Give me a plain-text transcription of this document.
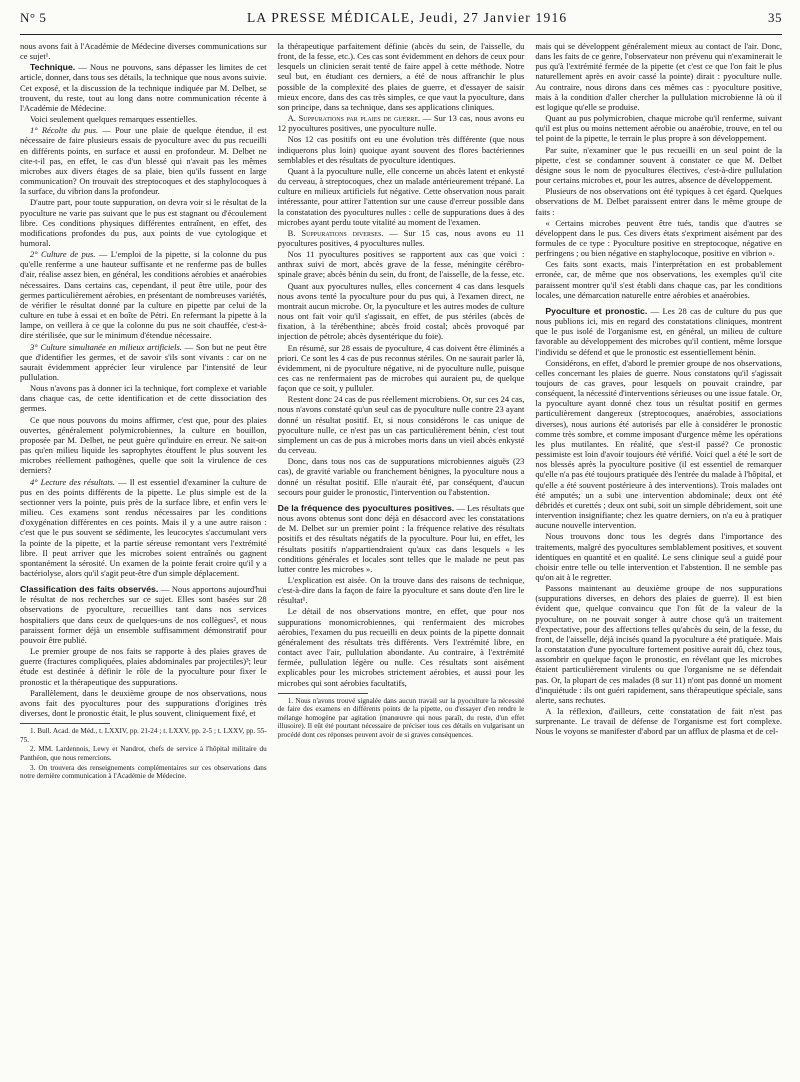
N° 5	LA PRESSE MÉDICALE, Jeudi, 27 Janvier 1916	35

nous avons fait à l'Académie de Médecine diverses communications sur ce sujet¹.

Technique. — Nous ne pouvons, sans dépasser les limites de cet article, donner, dans tous ses détails, la technique que nous avons suivie. Cet exposé, et la discussion de la technique indiquée par M. Delbet, se trouvent, du reste, tout au long dans notre communication récente à l'Académie de Médecine.

Voici seulement quelques remarques essentielles.

1° Récolte du pus. — Pour une plaie de quelque étendue, il est nécessaire de faire plusieurs essais de pyoculture avec du pus recueilli en différents points, en surface et aussi en profondeur. M. Delbet ne cite-t-il pas, en effet, le cas d'un blessé qui n'avait pas les mêmes microbes aux divers étages de sa plaie, bien qu'ils fussent en large communication? On trouvait des streptocoques et des staphylocoques à la surface, du vibrion dans la profondeur.

D'autre part, pour toute suppuration, on devra voir si le résultat de la pyoculture ne varie pas suivant que le pus est stagnant ou d'écoulement libre. Ces conditions physiques différentes entraînent, en effet, des modifications profondes du pus, aux points de vue cytologique et humoral.

2° Culture de pus. — L'emploi de la pipette, si la colonne du pus qu'elle renferme a une hauteur suffisante et ne renferme pas de bulles d'air, réalise assez bien, en général, les conditions aérobies et anaérobies nécessaires. Dans certains cas, cependant, il peut être utile, pour des germes particulièrement aérobies, en présentant de nombreuses variétés, de vérifier le résultat donné par la culture en pipette par celui de la culture en tube à essai et en boîte de Pétri. En refermant la pipette à la lampe, on veillera à ce que la colonne du pus ne soit chauffée, c'est-à-dire stérilisée, que sur le minimum d'étendue nécessaire.

3° Culture simultanée en milieux artificiels. — Son but ne peut être que d'identifier les germes, et de savoir s'ils sont vivants : car on ne saurait évidemment apprécier leur virulence par l'intensité de leur pullulation.

Nous n'avons pas à donner ici la technique, fort complexe et variable dans chaque cas, de cette identification et de cette dissociation des germes.

Ce que nous pouvons du moins affirmer, c'est que, pour des plaies ouvertes, généralement polymicrobiennes, la culture en bouillon, proposée par M. Delbet, ne peut guère qu'induire en erreur. Ne sait-on pas qu'en milieu liquide les saprophytes étouffent le plus souvent les microbes réellement pathogènes, quelle que soit la virulence de ces derniers?

4° Lecture des résultats. — Il est essentiel d'examiner la culture de pus en des points différents de la pipette. Le plus simple est de la sectionner vers la pointe, puis près de la surface libre, et enfin vers le milieu. Ces examens sont rendus nécessaires par les conditions d'oxygénation différentes en ces points. Mais il y a une autre raison : c'est que le pus souvent se sédimente, les leucocytes s'accumulant vers la pointe de la pipette, et la partie séreuse remontant vers l'extrémité libre. Il peut arriver que les microbes soient entraînés ou gagnent spontanément la sérosité. Un examen de la pointe ferait croire qu'il y a bactériolyse, alors qu'il s'agit peut-être d'un simple déplacement.

Classification des faits observés. — Nous apportons aujourd'hui le résultat de nos recherches sur ce sujet. Elles sont basées sur 28 observations de pyoculture, recueillies tant dans nos services hospitaliers que dans ceux de quelques-uns de nos collègues², et nous paraissent former déjà un ensemble suffisamment démonstratif pour pouvoir être publié.

Le premier groupe de nos faits se rapporte à des plaies graves de guerre (fractures compliquées, plaies abdominales par projectiles)³; leur étude est destinée à définir le rôle de la pyoculture pour fixer le pronostic et la thérapeutique des suppurations.

Parallèlement, dans le deuxième groupe de nos observations, nous avons fait des pyocultures pour des suppurations d'origines très diverses, dont le pronostic était, le plus souvent, cliniquement fixé, et

1. Bull. Acad. de Méd., t. LXXIV, pp. 21-24 ; t. LXXV, pp. 2-5 ; t. LXXV, pp. 55-75.

2. MM. Lardennois, Lewy et Nandrot, chefs de service à l'hôpital militaire du Panthéon, que nous remercions.

3. On trouvera des renseignements complémentaires sur ces observations dans notre dernière communication à l'Académie de Médecine.

la thérapeutique parfaitement définie (abcès du sein, de l'aisselle, du front, de la fesse, etc.). Ces cas sont évidemment en dehors de ceux pour lesquels un clinicien serait tenté de faire appel à cette méthode. Notre seul but, en étudiant ces derniers, a été de nous affranchir le plus possible de la complexité des plaies de guerre, et d'essayer de saisir mieux encore, dans des cas très simples, ce que vaut la pyoculture, dans son principe, dans sa technique, dans ses applications cliniques.

A. Suppurations par plaies de guerre. — Sur 13 cas, nous avons eu 12 pyocultures positives, une pyoculture nulle.

Nos 12 cas positifs ont eu une évolution très différente (que nous indiquerons plus loin) quoique ayant souvent des flores bactériennes semblables et des résultats de pyoculture identiques.

Quant à la pyoculture nulle, elle concerne un abcès latent et enkysté du cerveau, à streptocoques, chez un malade antérieurement trépané. La culture en milieux artificiels fut négative. Cette observation nous parait intéressante, pour attirer l'attention sur une cause d'erreur possible dans la constatation des pyocultures nulles : celle de suppurations dues à des microbes ayant perdu toute vitalité au moment de l'examen.

B. Suppurations diverses. — Sur 15 cas, nous avons eu 11 pyocultures positives, 4 pyocultures nulles.

Nos 11 pyocultures positives se rapportent aux cas que voici : anthrax suivi de mort, abcès grave de la fesse, méningite cérébro-spinale grave; abcès bénin du sein, du front, de l'aisselle, de la fesse, etc.

Quant aux pyocultures nulles, elles concernent 4 cas dans lesquels nous avons tenté la pyoculture pour du pus qui, à l'examen direct, ne montrait aucun microbe. Or, la pyoculture et les autres modes de culture nous ont fait voir qu'il s'agissait, en effet, de pus stériles (abcès de fixation, à la térébenthine; abcès froid costal; abcès provoqué par injection de pétrole; abcès dysentérique du foie).

En résumé, sur 28 essais de pyoculture, 4 cas doivent être éliminés a priori. Ce sont les 4 cas de pus reconnus stériles. On ne saurait parler là, évidemment, ni de pyoculture négative, ni de pyoculture nulle, puisque ces cas ne renfermaient pas de microbes qui auraient pu, de quelque façon que ce soit, y pulluler.

Restent donc 24 cas de pus réellement microbiens. Or, sur ces 24 cas, nous n'avons constaté qu'un seul cas de pyoculture nulle contre 23 ayant donné un résultat positif. Et, si nous considérons le cas unique de pyoculture nulle, ce n'est pas un cas particulièrement bénin, c'est tout simplement un cas de pus à microbes morts dans un vieil abcès enkysté du cerveau.

Donc, dans tous nos cas de suppurations microbiennes aiguës (23 cas), de gravité variable ou franchement bénignes, la pyoculture nous a donné un résultat positif. Elle n'aurait été, par conséquent, d'aucun secours pour guider le pronostic, l'intervention ou l'abstention.

De la fréquence des pyocultures positives. — Les résultats que nous avons obtenus sont donc déjà en désaccord avec les constatations de M. Delbet sur un premier point : la fréquence relative des résultats positifs et des résultats négatifs de la pyoculture. Pour lui, en effet, les résultats positifs n'appartiendraient qu'aux cas dans lesquels « les conditions générales et locales sont telles que le malade ne peut pas lutter contre les microbes ».

L'explication est aisée. On la trouve dans des raisons de technique, c'est-à-dire dans la façon de faire la pyoculture et sans doute d'en lire le résultat¹.

Le détail de nos observations montre, en effet, que pour nos suppurations monomicrobiennes, qui renfermaient des microbes aérobies, l'examen du pus recueilli en deux points de la pipette donnait généralement des résultats très différents. Vers l'extrémité libre, en contact avec l'air, pullulation abondante. Au contraire, à l'extrémité fermée, pullulation légère ou nulle. Ces résultats sont aisément explicables pour les microbes strictement aérobies, et aussi pour les microbes qui sont aérobies facultatifs,

1. Nous n'avons trouvé signalée dans aucun travail sur la pyoculture la nécessité de faire des examens en différents points de la pipette, ou d'essayer d'en rendre le mélange homogène par agitation (manœuvre qui nous paraît, du reste, d'un effet illusoire). Il eût été pourtant nécessaire de préciser tous ces détails en vulgarisant un procédé dont ces réponses peuvent avoir de si graves conséquences.

mais qui se développent généralement mieux au contact de l'air. Donc, dans les faits de ce genre, l'observateur non prévenu qui n'examinerait le pus qu'à l'extrémité fermée de la pipette (et c'est ce que l'on fait le plus naturellement après en avoir cassé la pointe) dirait : pyoculture nulle. Au contraire, nous dirons dans ces mêmes cas : pyoculture positive, mais à la condition d'aller chercher la pullulation microbienne là où il est logique qu'elle se produise.

Quant au pus polymicrobien, chaque microbe qu'il renferme, suivant qu'il est plus ou moins nettement aérobie ou anaérobie, trouve, en tel ou tel point de la pipette, le terrain le plus propre à son développement.

Par suite, n'examiner que le pus recueilli en un seul point de la pipette, c'est se condamner souvent à constater ce que M. Delbet désigne sous le nom de pyocultures électives, c'est-à-dire pullulation pour certains microbes et, pour les autres, absence de développement.

Plusieurs de nos observations ont été typiques à cet égard. Quelques observations de M. Delbet paraissent entrer dans le même groupe de faits :

« Certains microbes peuvent être tués, tandis que d'autres se développent dans le pus. Ces divers états s'expriment aisément par des formules de ce type : Pyoculture positive en streptocoque, négative en perfringens ; ou bien négative en staphylocoque, positive en vibrion ».

Ces faits sont exacts, mais l'interprétation en est probablement erronée, car, de même que nos observations, les exemples qu'il cite paraissent montrer qu'il s'est établi dans chaque cas, par les conditions locales, une démarcation naturelle entre aérobies et anaérobies.

Pyoculture et pronostic. — Les 28 cas de culture du pus que nous publions ici, mis en regard des constatations cliniques, montrent que le pus isolé de l'organisme est, en général, un milieu de culture favorable au développement des microbes qu'il contient, même lorsque l'individu se défend et que le pronostic est essentiellement bénin.

Considérons, en effet, d'abord le premier groupe de nos observations, celles concernant les plaies de guerre. Nous constatons qu'il s'agissait toujours de cas graves, pour lesquels on pouvait craindre, par conséquent, la nécessité d'interventions sérieuses ou une issue fatale. Or, la pyoculture ayant donné chez tous un résultat positif en germes particulièrement dangereux (streptocoques, anaérobies, associations diverses), nous aurions été autorisés par elle à considérer le pronostic comme très sombre, et comme imposant d'urgence même les opérations les plus mutilantes. En réalité, que s'est-il passé? Ce pronostic pessimiste est loin d'avoir toujours été vérifié. Voici quel a été le sort de nos blessés après la pyoculture positive (il est essentiel de remarquer qu'elle n'a pas été toujours pratiquée dès l'entrée du malade à l'hôpital, et qu'elle a été souvent postérieure à des interventions). Trois malades ont été amputés; un a subi une intervention abdominale; deux ont été débridés et curettés ; deux ont subi, soit un simple débridement, soit une intervention insignifiante; chez les quatre derniers, on n'a eu à pratiquer aucune nouvelle intervention.

Nous trouvons donc tous les degrés dans l'importance des traitements, malgré des pyocultures semblablement positives, et souvent identiques en quantité et en qualité. Le sens clinique seul a guidé pour choisir entre telle ou telle intervention et l'abstention. Il ne semble pas qu'on ait à le regretter.

Passons maintenant au deuxième groupe de nos suppurations (suppurations diverses, en dehors des plaies de guerre). Il est bien évident que, quelque convaincu que l'on fût de la valeur de la pyoculture, on ne pouvait songer à autre chose qu'à un traitement d'expectative, pour des affections telles qu'abcès du sein, de la fesse, du front, de l'aisselle, déjà incisés quand la pyoculture a été pratiquée. Mais la constatation d'une pyoculture fortement positive aurait dû, chez tous, assombrir en quelque façon le pronostic, en révélant que les microbes étaient particulièrement virulents ou que l'organisme ne se défendait pas. Or, la plupart de ces malades (8 sur 11) n'ont pas donné un moment d'inquiétude : ils ont guéri rapidement, sans thérapeutique spéciale, sans alerte, sans rechutes.

A la réflexion, d'ailleurs, cette constatation de fait n'est pas surprenante. Le travail de défense de l'organisme est fort complexe. Nous le voyons se manifester d'abord par un afflux de plasma et de cel-
